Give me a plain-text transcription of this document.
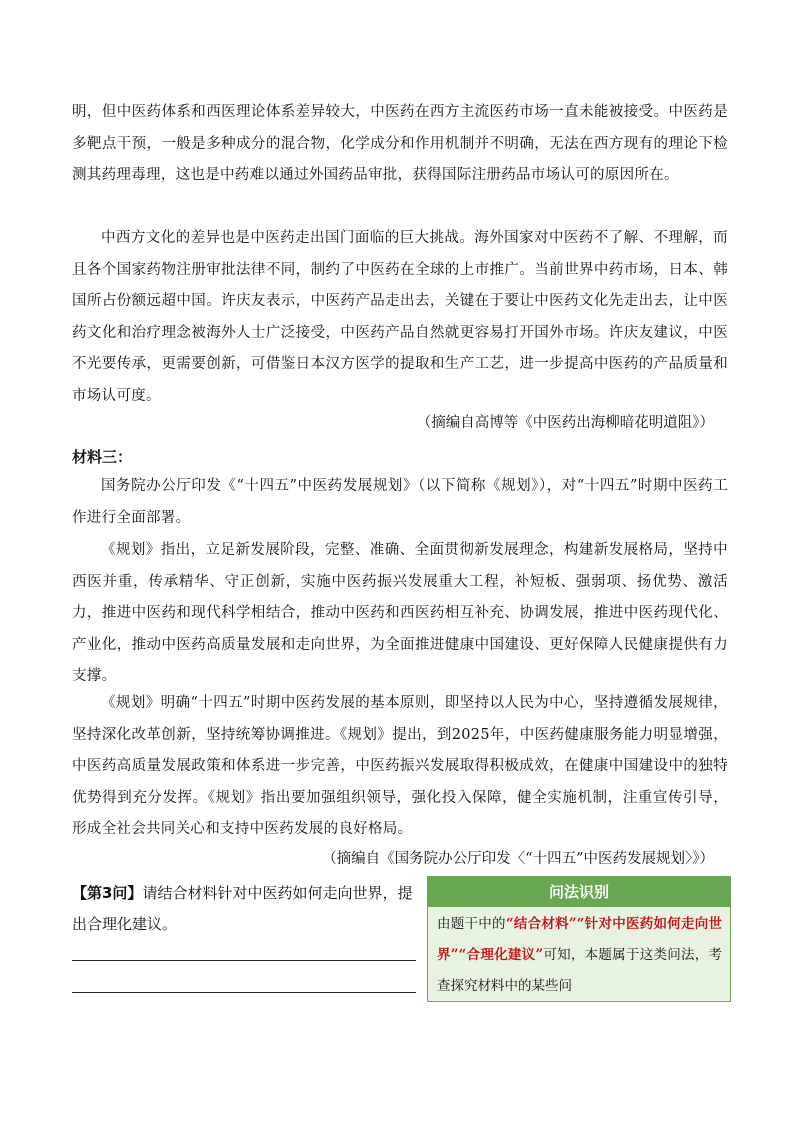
明，但中医药体系和西医理论体系差异较大，中医药在西方主流医药市场一直未能被接受。中医药是多靶点干预，一般是多种成分的混合物，化学成分和作用机制并不明确，无法在西方现有的理论下检测其药理毒理，这也是中药难以通过外国药品审批，获得国际注册药品市场认可的原因所在。

中西方文化的差异也是中医药走出国门面临的巨大挑战。海外国家对中医药不了解、不理解，而且各个国家药物注册审批法律不同，制约了中医药在全球的上市推广。当前世界中药市场，日本、韩国所占份额远超中国。许庆友表示，中医药产品走出去，关键在于要让中医药文化先走出去，让中医药文化和治疗理念被海外人士广泛接受，中医药产品自然就更容易打开国外市场。许庆友建议，中医不光要传承，更需要创新，可借鉴日本汉方医学的提取和生产工艺，进一步提高中医药的产品质量和市场认可度。

（摘编自高博等《中医药出海柳暗花明道阻》）

材料三：

国务院办公厅印发《“十四五”中医药发展规划》（以下简称《规划》），对“十四五”时期中医药工作进行全面部署。

《规划》指出，立足新发展阶段，完整、准确、全面贯彻新发展理念，构建新发展格局，坚持中西医并重，传承精华、守正创新，实施中医药振兴发展重大工程，补短板、强弱项、扬优势、激活力，推进中医药和现代科学相结合，推动中医药和西医药相互补充、协调发展，推进中医药现代化、产业化，推动中医药高质量发展和走向世界，为全面推进健康中国建设、更好保障人民健康提供有力支撑。

《规划》明确“十四五”时期中医药发展的基本原则，即坚持以人民为中心，坚持遵循发展规律，坚持深化改革创新，坚持统筹协调推进。《规划》提出，到2025年，中医药健康服务能力明显增强，中医药高质量发展政策和体系进一步完善，中医药振兴发展取得积极成效，在健康中国建设中的独特优势得到充分发挥。《规划》指出要加强组织领导，强化投入保障，健全实施机制，注重宣传引导，形成全社会共同关心和支持中医药发展的良好格局。

（摘编自《国务院办公厅印发〈“十四五”中医药发展规划〉》）

【第3问】请结合材料针对中医药如何走向世界，提出合理化建议。

问法识别
由题干中的“结合材料”“针对中医药如何走向世界”“合理化建议”可知，本题属于这类问法，考查探究材料中的某些问
